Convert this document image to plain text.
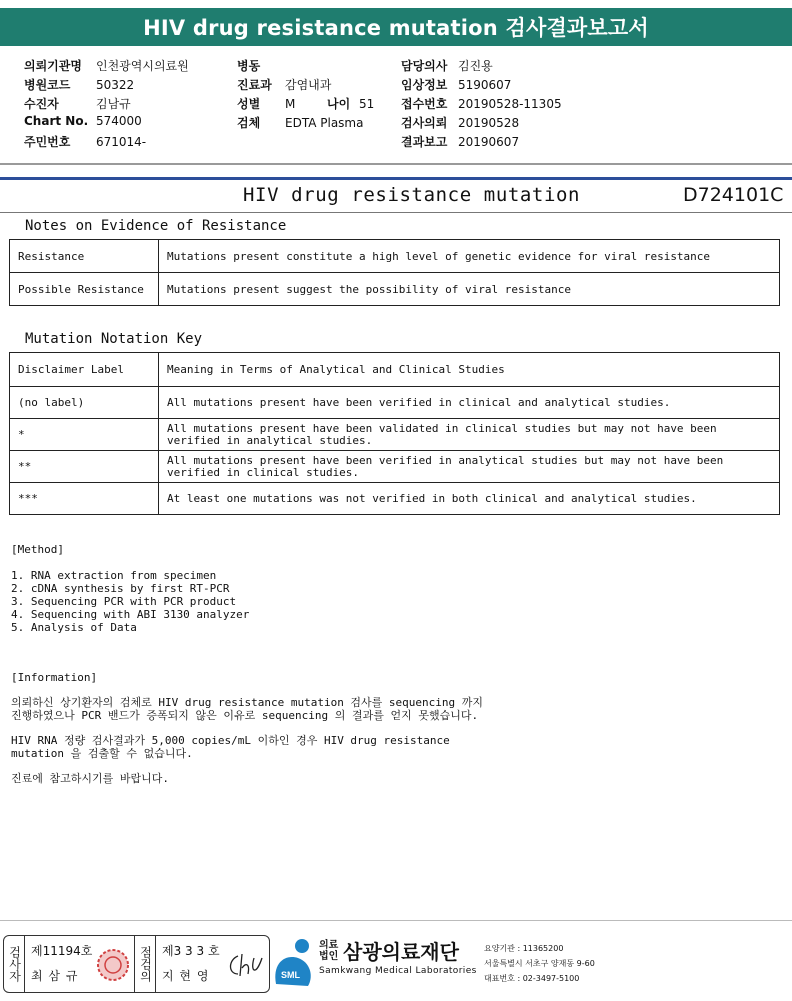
HIV drug resistance mutation 검사결과보고서
의뢰기관명 인천광역시의료원
병원코드 50322
수진자	김남규
Chart No. 574000
주민번호 671014-
병동
진료과 감염내과
성별 M	나이 51
검체 EDTA Plasma
담당의사 김진용
임상정보 5190607
접수번호 20190528-11305
검사의뢰 20190528
결과보고 20190607
HIV drug resistance mutation	D724101C
Notes on Evidence of Resistance
Resistance	Mutations present constitute a high level of genetic evidence for viral resistance
Possible Resistance	Mutations present suggest the possibility of viral resistance
Mutation Notation Key
Disclaimer Label	Meaning in Terms of Analytical and Clinical Studies
(no label)	All mutations present have been verified in clinical and analytical studies.
*	All mutations present have been validated in clinical studies but may not have been verified in analytical studies.
**	All mutations present have been verified in analytical studies but may not have been verified in clinical studies.
***	At least one mutations was not verified in both clinical and analytical studies.
[Method]
1. RNA extraction from specimen
2. cDNA synthesis by first RT-PCR
3. Sequencing PCR with PCR product
4. Sequencing with ABI 3130 analyzer
5. Analysis of Data
[Information]
의뢰하신 상기환자의 검체로 HIV drug resistance mutation 검사를 sequencing 까지
진행하였으나 PCR 밴드가 증폭되지 않은 이유로 sequencing 의 결과를 얻지 못했습니다.
HIV RNA 정량 검사결과가 5,000 copies/mL 이하인 경우 HIV drug resistance
mutation 을 검출할 수 없습니다.
진료에 참고하시기를 바랍니다.
검사자 제11194호
최 삼 규	점검의 제3 3 3 호
지 현 영	SML
의료
법인 삼광의료재단
Samkwang Medical Laboratories
요양기관 : 11365200
서울특별시 서초구 양재동 9-60
대표번호 : 02-3497-5100
